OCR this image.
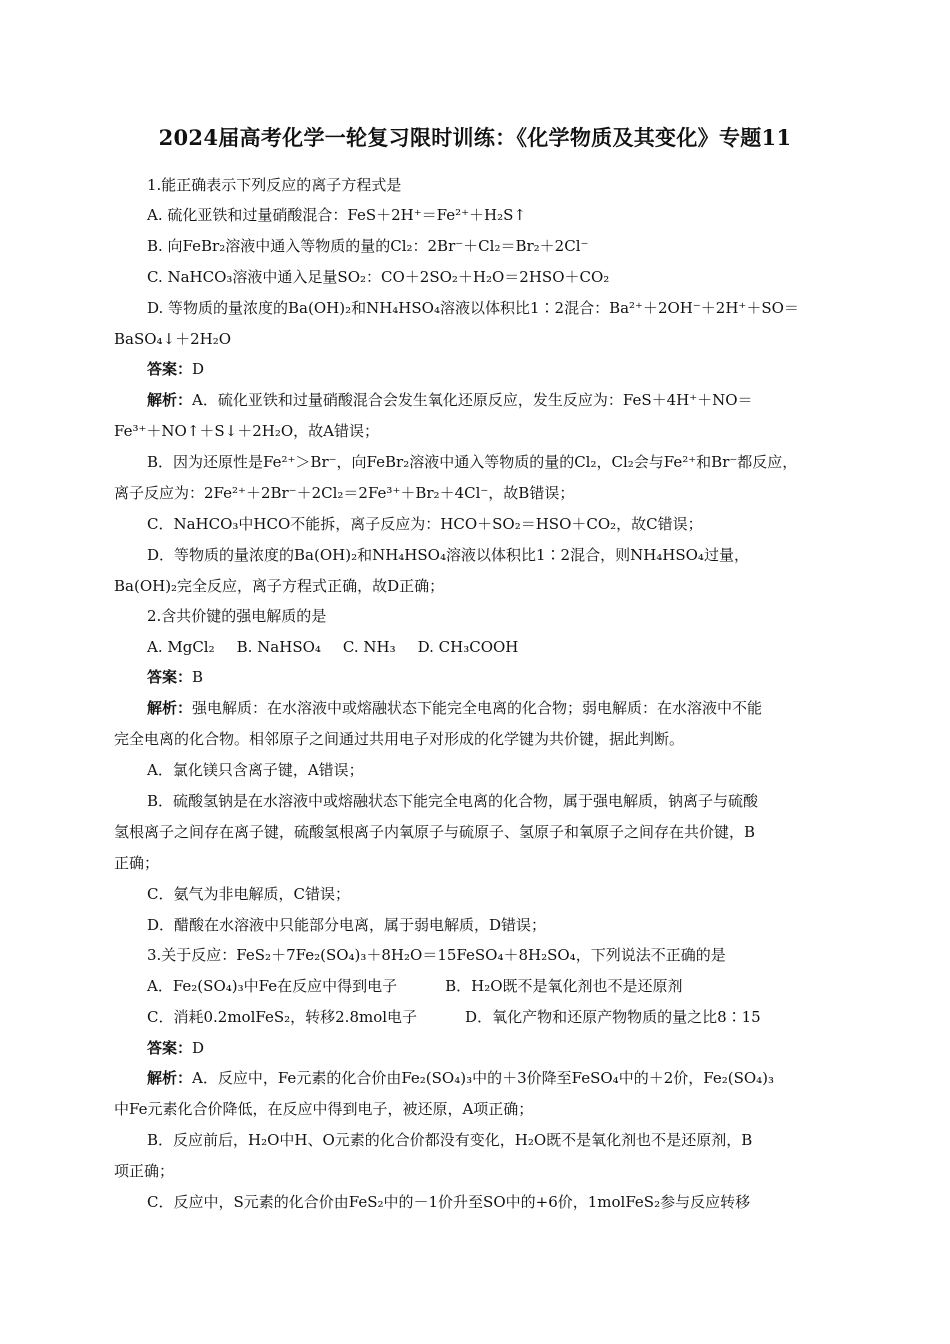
2024届高考化学一轮复习限时训练：《化学物质及其变化》专题11
1.能正确表示下列反应的离子方程式是
A. 硫化亚铁和过量硝酸混合：FeS＋2H⁺＝Fe²⁺＋H₂S↑
B. 向FeBr₂溶液中通入等物质的量的Cl₂：2Br⁻＋Cl₂＝Br₂＋2Cl⁻
C. NaHCO₃溶液中通入足量SO₂：CO＋2SO₂＋H₂O＝2HSO＋CO₂
D. 等物质的量浓度的Ba(OH)₂和NH₄HSO₄溶液以体积比1∶2混合：Ba²⁺＋2OH⁻＋2H⁺＋SO＝
BaSO₄↓＋2H₂O
答案：D
解析：A．硫化亚铁和过量硝酸混合会发生氧化还原反应，发生反应为：FeS＋4H⁺＋NO＝
Fe³⁺＋NO↑＋S↓＋2H₂O，故A错误；
B．因为还原性是Fe²⁺＞Br⁻，向FeBr₂溶液中通入等物质的量的Cl₂，Cl₂会与Fe²⁺和Br⁻都反应，
离子反应为：2Fe²⁺＋2Br⁻＋2Cl₂＝2Fe³⁺＋Br₂＋4Cl⁻，故B错误；
C．NaHCO₃中HCO不能拆，离子反应为：HCO＋SO₂＝HSO＋CO₂，故C错误；
D．等物质的量浓度的Ba(OH)₂和NH₄HSO₄溶液以体积比1∶2混合，则NH₄HSO₄过量，
Ba(OH)₂完全反应，离子方程式正确，故D正确；
2.含共价键的强电解质的是
A. MgCl₂ B. NaHSO₄ C. NH₃ D. CH₃COOH
答案：B
解析：强电解质：在水溶液中或熔融状态下能完全电离的化合物；弱电解质：在水溶液中不能
完全电离的化合物。相邻原子之间通过共用电子对形成的化学键为共价键，据此判断。
A．氯化镁只含离子键，A错误；
B．硫酸氢钠是在水溶液中或熔融状态下能完全电离的化合物，属于强电解质，钠离子与硫酸
氢根离子之间存在离子键，硫酸氢根离子内氧原子与硫原子、氢原子和氧原子之间存在共价键，B
正确；
C．氨气为非电解质，C错误；
D．醋酸在水溶液中只能部分电离，属于弱电解质，D错误；
3.关于反应：FeS₂＋7Fe₂(SO₄)₃＋8H₂O＝15FeSO₄＋8H₂SO₄，下列说法不正确的是
A．Fe₂(SO₄)₃中Fe在反应中得到电子	B．H₂O既不是氧化剂也不是还原剂
C．消耗0.2molFeS₂，转移2.8mol电子	D．氧化产物和还原产物物质的量之比8∶15
答案：D
解析：A．反应中，Fe元素的化合价由Fe₂(SO₄)₃中的＋3价降至FeSO₄中的＋2价，Fe₂(SO₄)₃
中Fe元素化合价降低，在反应中得到电子，被还原，A项正确；
B．反应前后，H₂O中H、O元素的化合价都没有变化，H₂O既不是氧化剂也不是还原剂，B
项正确；
C．反应中，S元素的化合价由FeS₂中的－1价升至SO中的+6价，1molFeS₂参与反应转移
